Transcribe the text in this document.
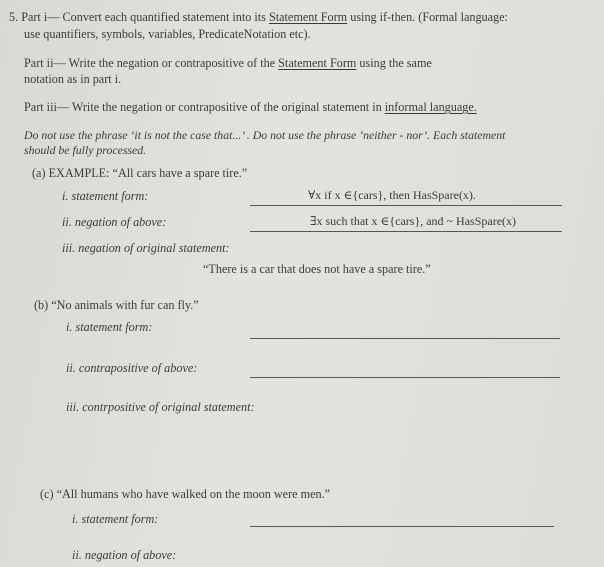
5. Part i— Convert each quantified statement into its Statement Form using if-then. (Formal language:
use quantifiers, symbols, variables, PredicateNotation etc).
Part ii— Write the negation or contrapositive of the Statement Form using the same
notation as in part i.
Part iii— Write the negation or contrapositive of the original statement in informal language.
Do not use the phrase ‘it is not the case that...’ . Do not use the phrase ‘neither - nor’. Each statement
should be fully processed.
(a) EXAMPLE: “All cars have a spare tire.”
i. statement form:	∀x if x ∈{cars}, then HasSpare(x).
ii. negation of above:	∃x such that x ∈{cars}, and ~ HasSpare(x)
iii. negation of original statement:
“There is a car that does not have a spare tire.”
(b) “No animals with fur can fly.”
i. statement form:
ii. contrapositive of above:
iii. contrpositive of original statement:
(c) “All humans who have walked on the moon were men.”
i. statement form:
ii. negation of above:
